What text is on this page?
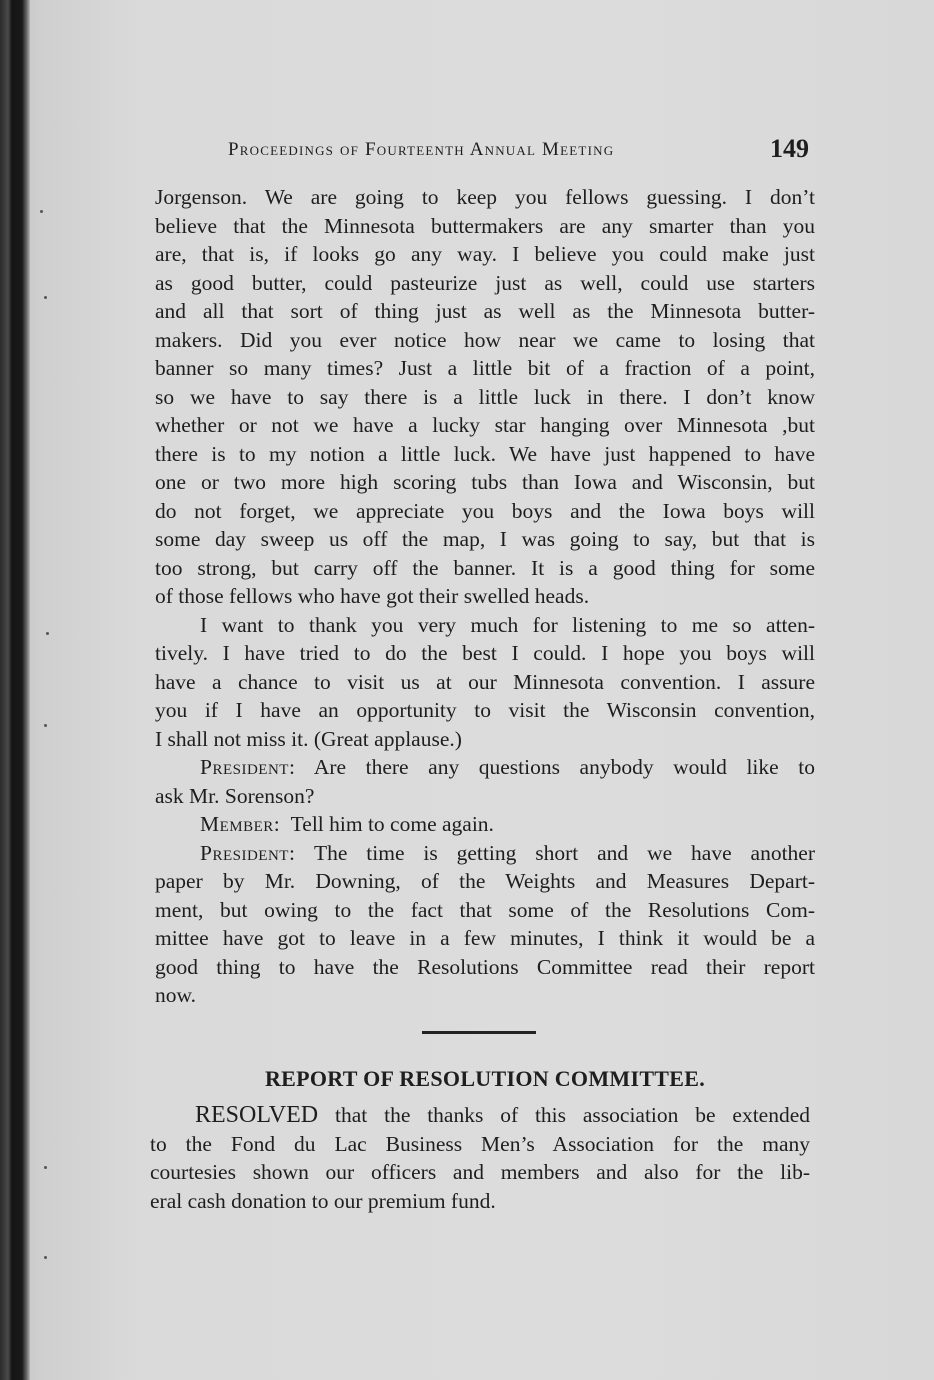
Proceedings of Fourteenth Annual Meeting	149
Jorgenson. We are going to keep you fellows guessing. I don’t
believe that the Minnesota buttermakers are any smarter than you
are, that is, if looks go any way. I believe you could make just
as good butter, could pasteurize just as well, could use starters
and all that sort of thing just as well as the Minnesota butter-
makers. Did you ever notice how near we came to losing that
banner so many times? Just a little bit of a fraction of a point,
so we have to say there is a little luck in there. I don’t know
whether or not we have a lucky star hanging over Minnesota ,but
there is to my notion a little luck. We have just happened to have
one or two more high scoring tubs than Iowa and Wisconsin, but
do not forget, we appreciate you boys and the Iowa boys will
some day sweep us off the map, I was going to say, but that is
too strong, but carry off the banner. It is a good thing for some
of those fellows who have got their swelled heads.
I want to thank you very much for listening to me so atten-
tively. I have tried to do the best I could. I hope you boys will
have a chance to visit us at our Minnesota convention. I assure
you if I have an opportunity to visit the Wisconsin convention,
I shall not miss it. (Great applause.)
President: Are there any questions anybody would like to
ask Mr. Sorenson?
Member: Tell him to come again.
President: The time is getting short and we have another
paper by Mr. Downing, of the Weights and Measures Depart-
ment, but owing to the fact that some of the Resolutions Com-
mittee have got to leave in a few minutes, I think it would be a
good thing to have the Resolutions Committee read their report
now.
REPORT OF RESOLUTION COMMITTEE.
RESOLVED that the thanks of this association be extended
to the Fond du Lac Business Men’s Association for the many
courtesies shown our officers and members and also for the lib-
eral cash donation to our premium fund.
